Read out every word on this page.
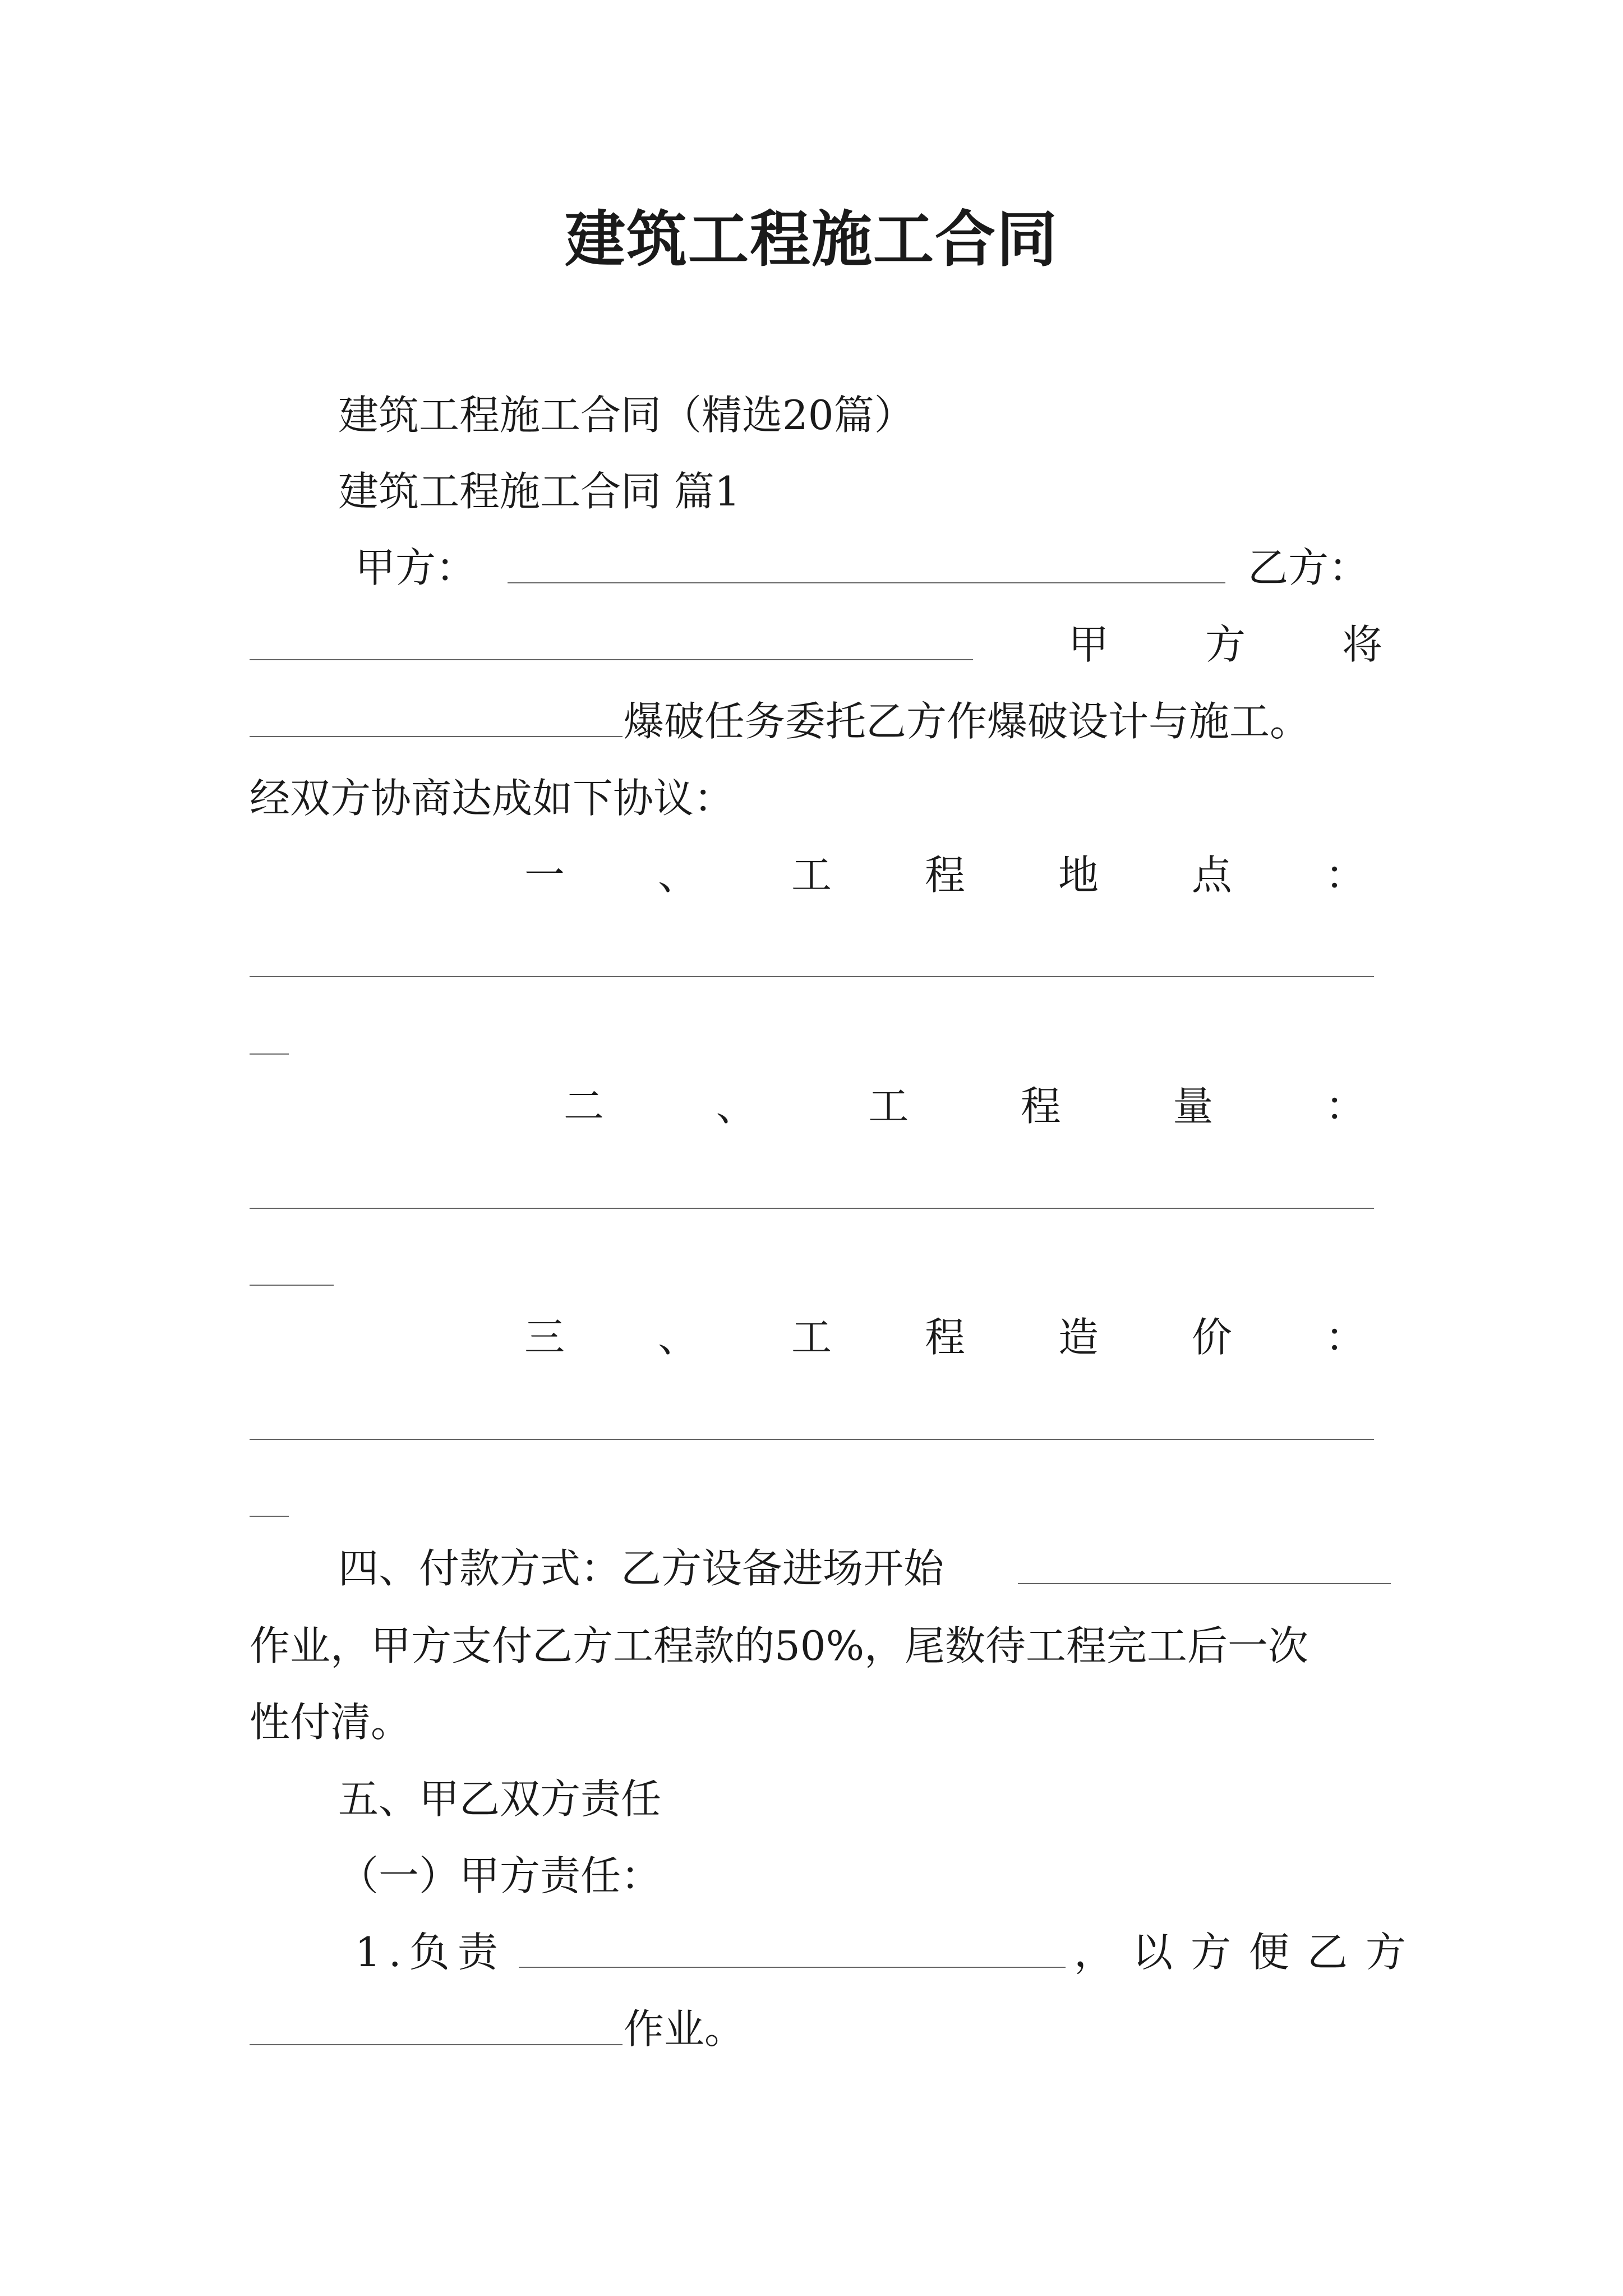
建筑工程施工合同
建筑工程施工合同（精选20篇）
建筑工程施工合同 篇1
甲方：	乙方：
甲 方 将
爆破任务委托乙方作爆破设计与施工。
经双方协商达成如下协议：
一 、 工 程 地 点 ：
二	、	工	程	量	：
三 、 工 程 造 价 ：
四、付款方式：乙方设备进场开始
作业，甲方支付乙方工程款的50%，尾数待工程完工后一次
性付清。
五、甲乙双方责任
（一）甲方责任：
1.负责	，以方便乙方
作业。
